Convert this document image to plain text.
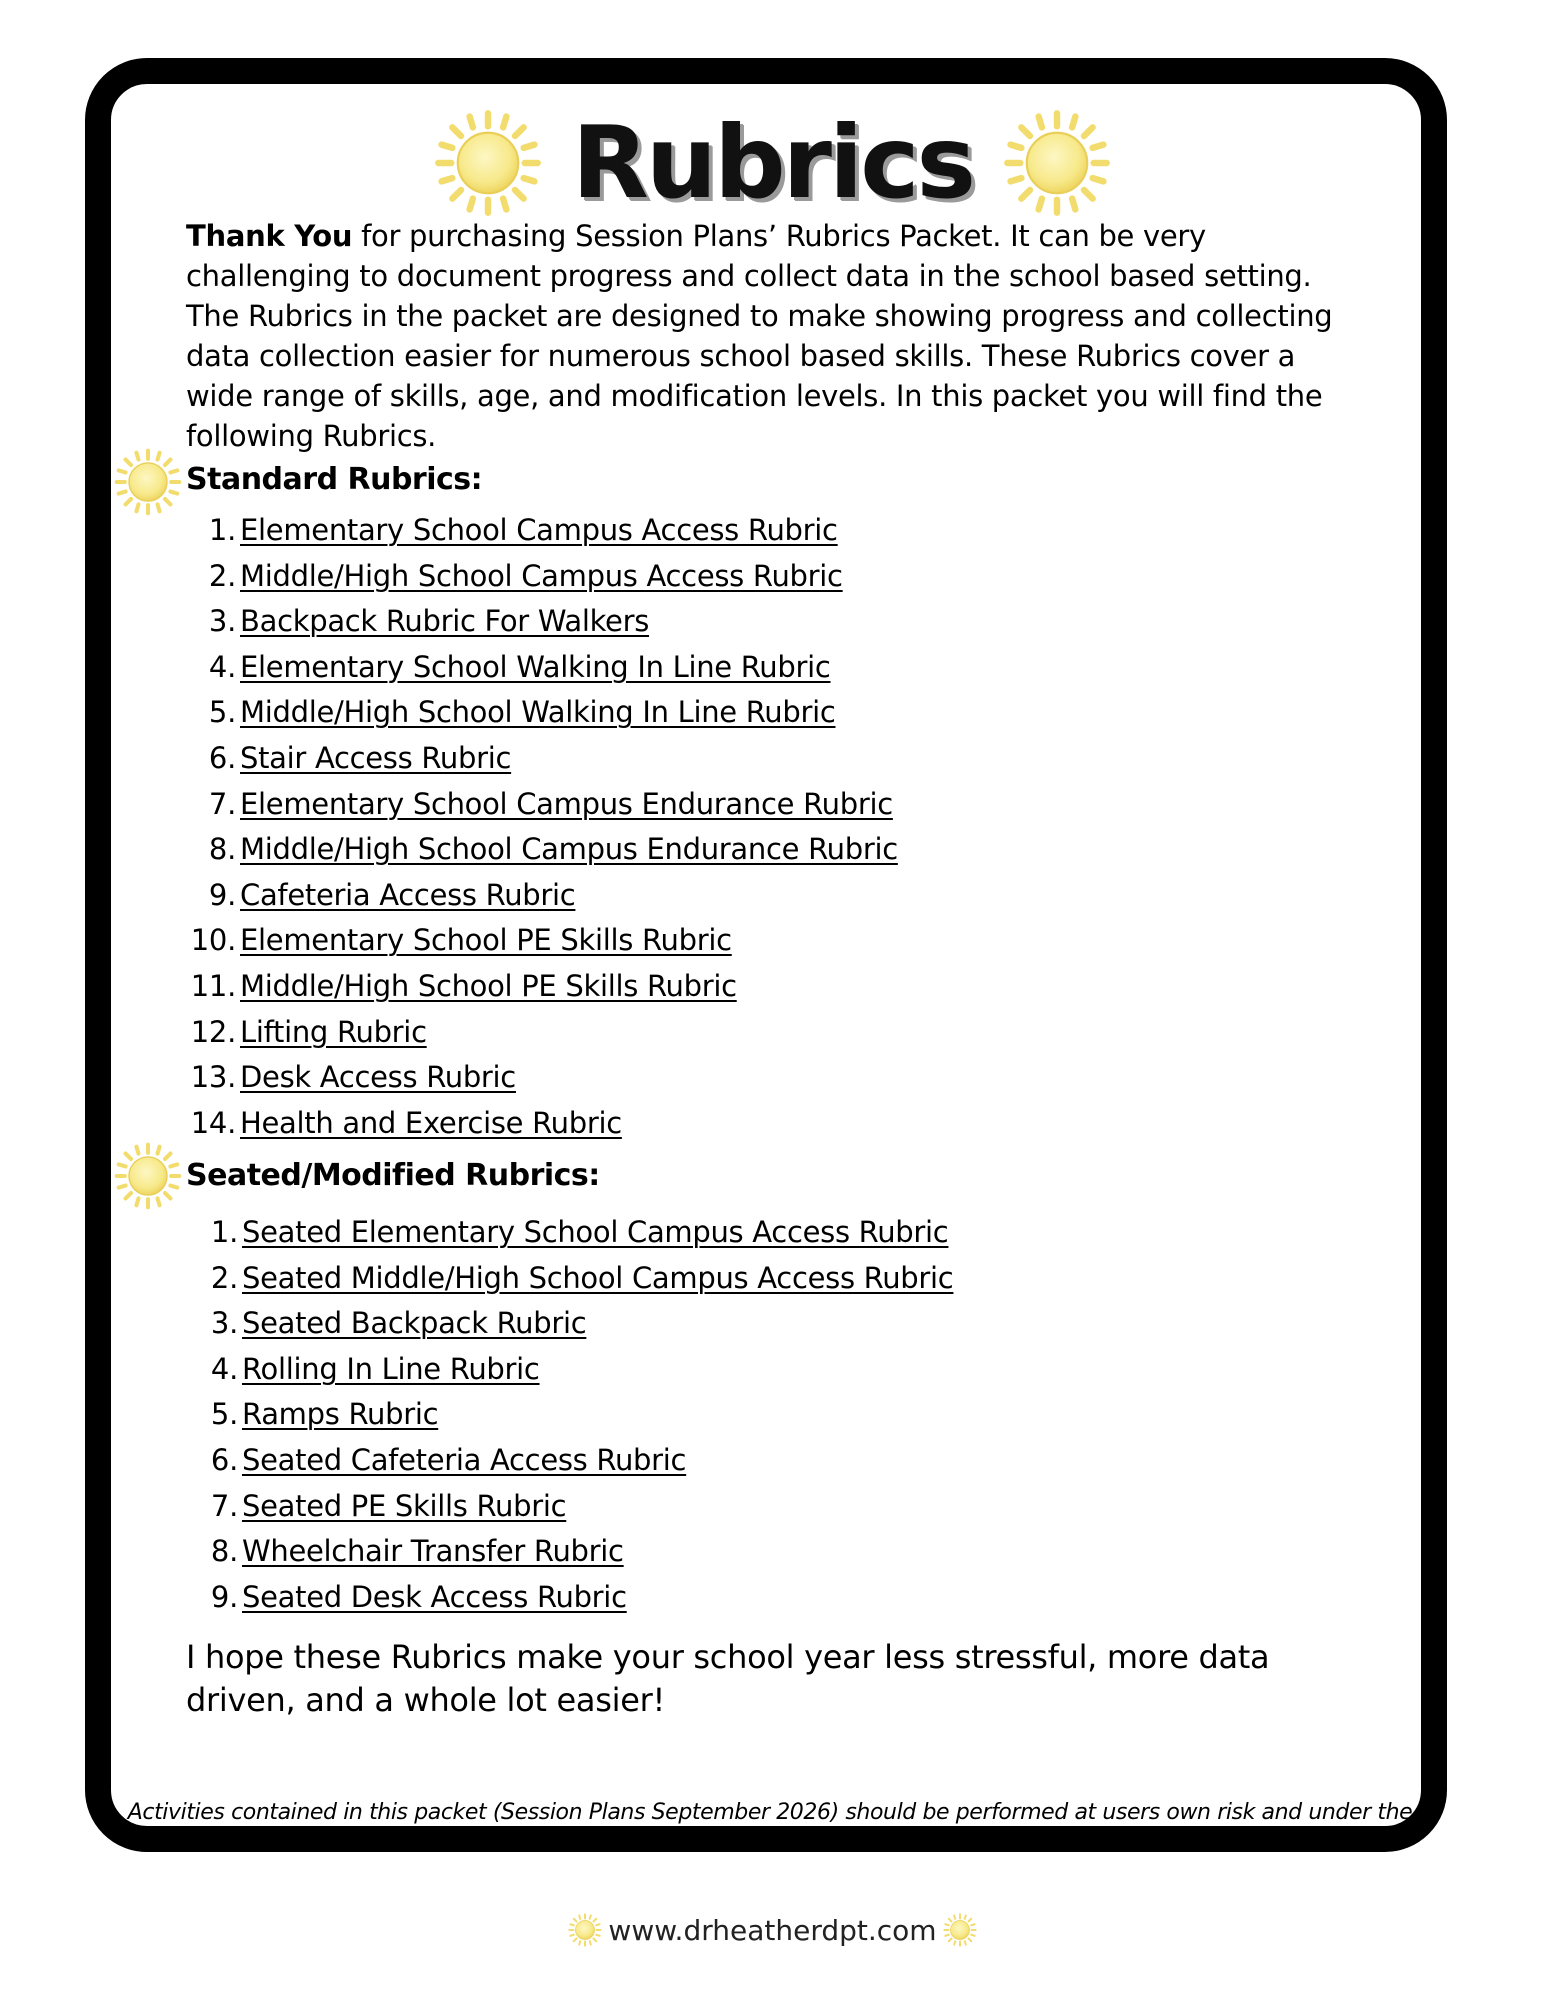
Rubrics

Thank You for purchasing Session Plans’ Rubrics Packet. It can be very challenging to document progress and collect data in the school based setting. The Rubrics in the packet are designed to make showing progress and collecting data collection easier for numerous school based skills. These Rubrics cover a wide range of skills, age, and modification levels. In this packet you will find the following Rubrics.

Standard Rubrics:
1. Elementary School Campus Access Rubric
2. Middle/High School Campus Access Rubric
3. Backpack Rubric For Walkers
4. Elementary School Walking In Line Rubric
5. Middle/High School Walking In Line Rubric
6. Stair Access Rubric
7. Elementary School Campus Endurance Rubric
8. Middle/High School Campus Endurance Rubric
9. Cafeteria Access Rubric
10. Elementary School PE Skills Rubric
11. Middle/High School PE Skills Rubric
12. Lifting Rubric
13. Desk Access Rubric
14. Health and Exercise Rubric
Seated/Modified Rubrics:
1. Seated Elementary School Campus Access Rubric
2. Seated Middle/High School Campus Access Rubric
3. Seated Backpack Rubric
4. Rolling In Line Rubric
5. Ramps Rubric
6. Seated Cafeteria Access Rubric
7. Seated PE Skills Rubric
8. Wheelchair Transfer Rubric
9. Seated Desk Access Rubric

I hope these Rubrics make your school year less stressful, more data driven, and a whole lot easier!

Activities contained in this packet (Session Plans September 2026) should be performed at users own risk and under the
supervision of a physical therapy professional. Full disclaimer for all products can be found here.
www.drheatherdpt.com
